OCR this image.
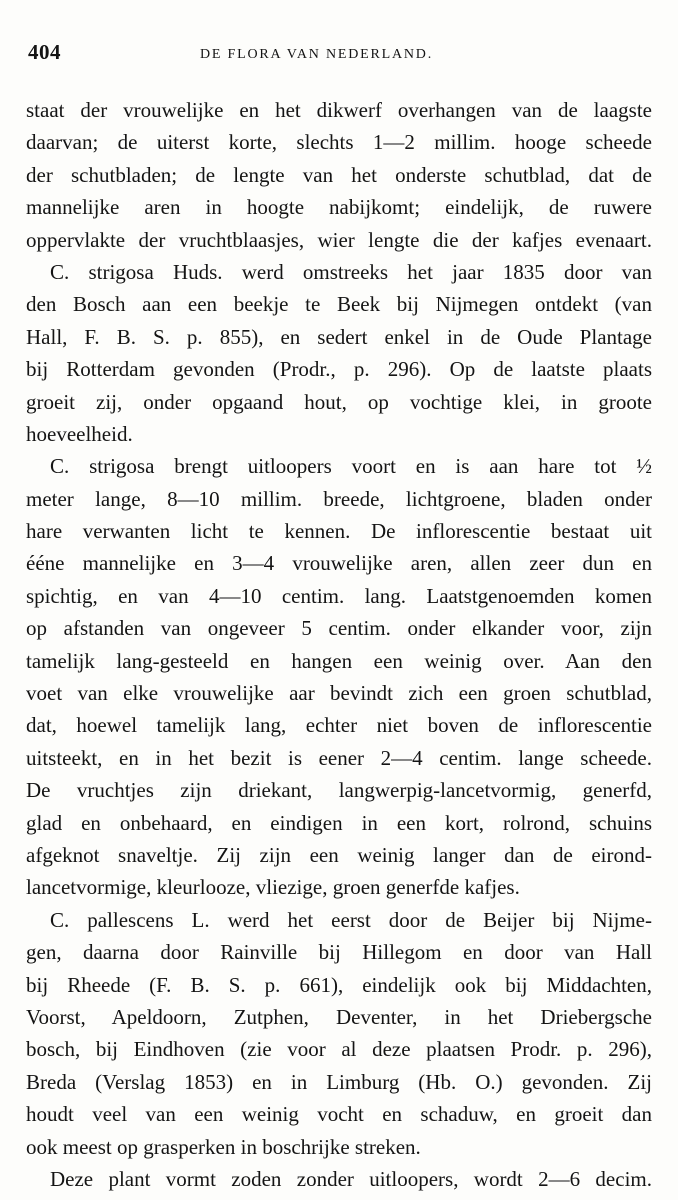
404	DE FLORA VAN NEDERLAND.
staat der vrouwelijke en het dikwerf overhangen van de laagste
daarvan; de uiterst korte, slechts 1—2 millim. hooge scheede
der schutbladen; de lengte van het onderste schutblad, dat de
mannelijke aren in hoogte nabijkomt; eindelijk, de ruwere
oppervlakte der vruchtblaasjes, wier lengte die der kafjes evenaart.
C. strigosa Huds. werd omstreeks het jaar 1835 door van
den Bosch aan een beekje te Beek bij Nijmegen ontdekt (van
Hall, F. B. S. p. 855), en sedert enkel in de Oude Plantage
bij Rotterdam gevonden (Prodr., p. 296). Op de laatste plaats
groeit zij, onder opgaand hout, op vochtige klei, in groote
hoeveelheid.
C. strigosa brengt uitloopers voort en is aan hare tot ½
meter lange, 8—10 millim. breede, lichtgroene, bladen onder
hare verwanten licht te kennen. De inflorescentie bestaat uit
ééne mannelijke en 3—4 vrouwelijke aren, allen zeer dun en
spichtig, en van 4—10 centim. lang. Laatstgenoemden komen
op afstanden van ongeveer 5 centim. onder elkander voor, zijn
tamelijk lang-gesteeld en hangen een weinig over. Aan den
voet van elke vrouwelijke aar bevindt zich een groen schutblad,
dat, hoewel tamelijk lang, echter niet boven de inflorescentie
uitsteekt, en in het bezit is eener 2—4 centim. lange scheede.
De vruchtjes zijn driekant, langwerpig-lancetvormig, generfd,
glad en onbehaard, en eindigen in een kort, rolrond, schuins
afgeknot snaveltje. Zij zijn een weinig langer dan de eirond-
lancetvormige, kleurlooze, vliezige, groen generfde kafjes.
C. pallescens L. werd het eerst door de Beijer bij Nijme-
gen, daarna door Rainville bij Hillegom en door van Hall
bij Rheede (F. B. S. p. 661), eindelijk ook bij Middachten,
Voorst, Apeldoorn, Zutphen, Deventer, in het Driebergsche
bosch, bij Eindhoven (zie voor al deze plaatsen Prodr. p. 296),
Breda (Verslag 1853) en in Limburg (Hb. O.) gevonden. Zij
houdt veel van een weinig vocht en schaduw, en groeit dan
ook meest op grasperken in boschrijke streken.
Deze plant vormt zoden zonder uitloopers, wordt 2—6 decim.
